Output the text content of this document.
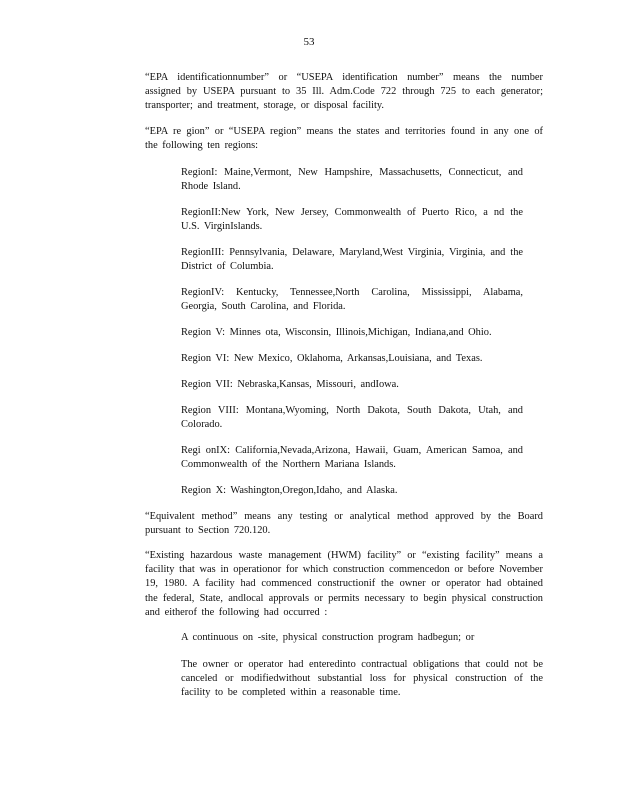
53

“EPA identificationnumber” or “USEPA identification number” means the number assigned by USEPA pursuant to 35 Ill. Adm.Code 722 through 725 to each generator; transporter; and treatment, storage, or disposal facility.

“EPA re gion” or “USEPA region” means the states and territories found in any one of the following ten regions:

RegionI: Maine,Vermont, New Hampshire, Massachusetts, Connecticut, and Rhode Island.

RegionII:New York, New Jersey, Commonwealth of Puerto Rico, a nd the U.S. VirginIslands.

RegionIII: Pennsylvania, Delaware, Maryland,West Virginia, Virginia, and the District of Columbia.

RegionIV: Kentucky, Tennessee,North Carolina, Mississippi, Alabama, Georgia, South Carolina, and Florida.

Region V: Minnes ota, Wisconsin, Illinois,Michigan, Indiana,and Ohio.

Region VI: New Mexico, Oklahoma, Arkansas,Louisiana, and Texas.

Region VII: Nebraska,Kansas, Missouri, andIowa.

Region VIII: Montana,Wyoming, North Dakota, South Dakota, Utah, and Colorado.

Regi onIX: California,Nevada,Arizona, Hawaii, Guam, American Samoa, and Commonwealth of the Northern Mariana Islands.

Region X: Washington,Oregon,Idaho, and Alaska.

“Equivalent method” means any testing or analytical method approved by the Board pursuant to Section 720.120.

“Existing hazardous waste management (HWM) facility” or “existing facility” means a facility that was in operationor for which construction commencedon or before November 19, 1980. A facility had commenced constructionif the owner or operator had obtained the federal, State, andlocal approvals or permits necessary to begin physical construction and eitherof the following had occurred :

A continuous on -site, physical construction program hadbegun; or

The owner or operator had enteredinto contractual obligations that could not be canceled or modifiedwithout substantial loss for physical construction of the facility to be completed within a reasonable time.
